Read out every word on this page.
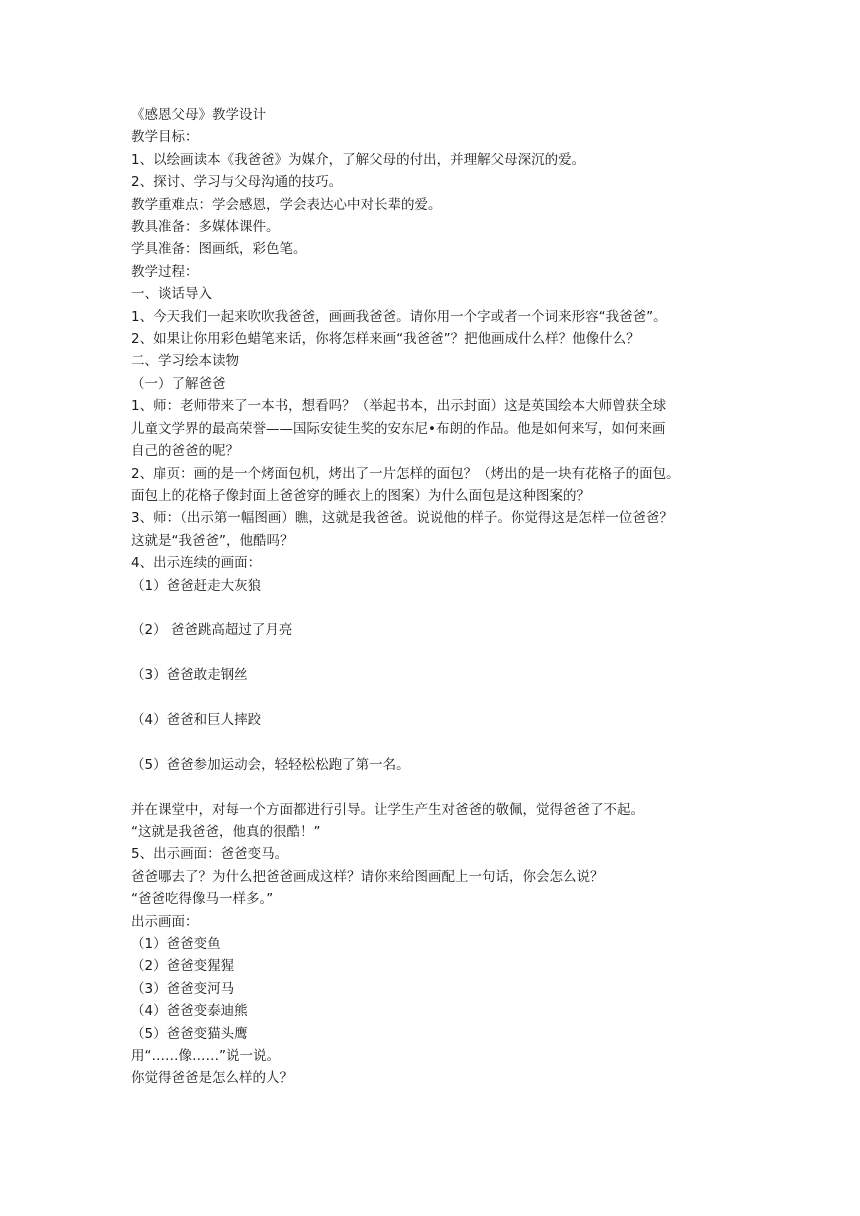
《感恩父母》教学设计
教学目标：
1、以绘画读本《我爸爸》为媒介，了解父母的付出，并理解父母深沉的爱。
2、探讨、学习与父母沟通的技巧。
教学重难点：学会感恩，学会表达心中对长辈的爱。
教具准备：多媒体课件。
学具准备：图画纸，彩色笔。
教学过程：
一、谈话导入
1、今天我们一起来吹吹我爸爸，画画我爸爸。请你用一个字或者一个词来形容“我爸爸”。
2、如果让你用彩色蜡笔来话，你将怎样来画“我爸爸”？把他画成什么样？他像什么？
二、学习绘本读物
（一）了解爸爸
1、师：老师带来了一本书，想看吗？（举起书本，出示封面）这是英国绘本大师曾获全球
儿童文学界的最高荣誉——国际安徒生奖的安东尼•布朗的作品。他是如何来写，如何来画
自己的爸爸的呢？
2、扉页：画的是一个烤面包机，烤出了一片怎样的面包？（烤出的是一块有花格子的面包。
面包上的花格子像封面上爸爸穿的睡衣上的图案）为什么面包是这种图案的？
3、师：（出示第一幅图画）瞧，这就是我爸爸。说说他的样子。你觉得这是怎样一位爸爸？
这就是“我爸爸”，他酷吗？
4、出示连续的画面：
（1）爸爸赶走大灰狼
（2） 爸爸跳高超过了月亮
（3）爸爸敢走钢丝
（4）爸爸和巨人摔跤
（5）爸爸参加运动会，轻轻松松跑了第一名。
并在课堂中，对每一个方面都进行引导。让学生产生对爸爸的敬佩，觉得爸爸了不起。
“这就是我爸爸，他真的很酷！”
5、出示画面：爸爸变马。
爸爸哪去了？为什么把爸爸画成这样？请你来给图画配上一句话，你会怎么说？
“爸爸吃得像马一样多。”
出示画面：
（1）爸爸变鱼
（2）爸爸变猩猩
（3）爸爸变河马
（4）爸爸变泰迪熊
（5）爸爸变猫头鹰
用“……像……”说一说。
你觉得爸爸是怎么样的人？
